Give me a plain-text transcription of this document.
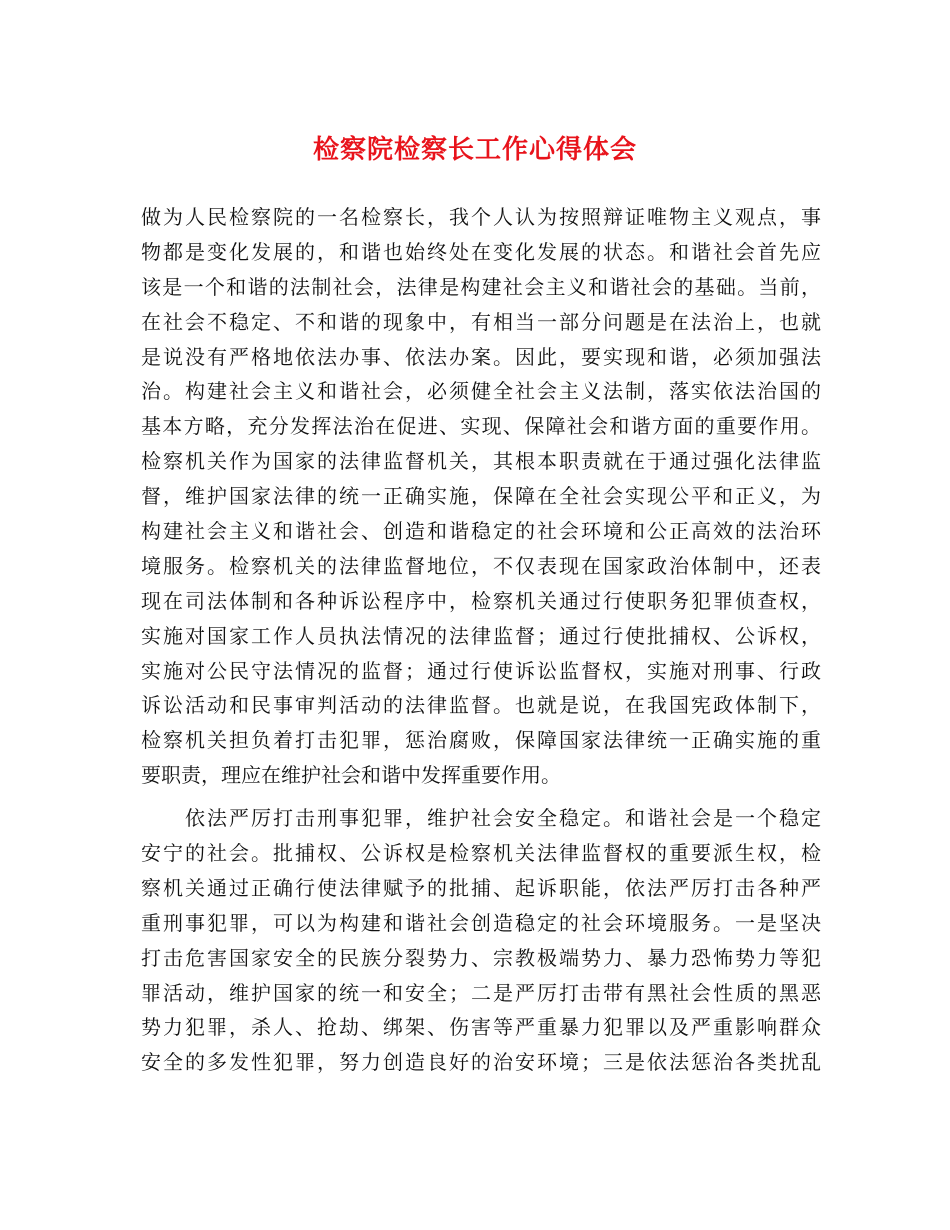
检察院检察长工作心得体会
做为人民检察院的一名检察长，我个人认为按照辩证唯物主义观点，事
物都是变化发展的，和谐也始终处在变化发展的状态。和谐社会首先应
该是一个和谐的法制社会，法律是构建社会主义和谐社会的基础。当前，
在社会不稳定、不和谐的现象中，有相当一部分问题是在法治上，也就
是说没有严格地依法办事、依法办案。因此，要实现和谐，必须加强法
治。构建社会主义和谐社会，必须健全社会主义法制，落实依法治国的
基本方略，充分发挥法治在促进、实现、保障社会和谐方面的重要作用。
检察机关作为国家的法律监督机关，其根本职责就在于通过强化法律监
督，维护国家法律的统一正确实施，保障在全社会实现公平和正义，为
构建社会主义和谐社会、创造和谐稳定的社会环境和公正高效的法治环
境服务。检察机关的法律监督地位，不仅表现在国家政治体制中，还表
现在司法体制和各种诉讼程序中，检察机关通过行使职务犯罪侦查权，
实施对国家工作人员执法情况的法律监督；通过行使批捕权、公诉权，
实施对公民守法情况的监督；通过行使诉讼监督权，实施对刑事、行政
诉讼活动和民事审判活动的法律监督。也就是说，在我国宪政体制下，
检察机关担负着打击犯罪，惩治腐败，保障国家法律统一正确实施的重
要职责，理应在维护社会和谐中发挥重要作用。
依法严厉打击刑事犯罪，维护社会安全稳定。和谐社会是一个稳定
安宁的社会。批捕权、公诉权是检察机关法律监督权的重要派生权，检
察机关通过正确行使法律赋予的批捕、起诉职能，依法严厉打击各种严
重刑事犯罪，可以为构建和谐社会创造稳定的社会环境服务。一是坚决
打击危害国家安全的民族分裂势力、宗教极端势力、暴力恐怖势力等犯
罪活动，维护国家的统一和安全；二是严厉打击带有黑社会性质的黑恶
势力犯罪，杀人、抢劫、绑架、伤害等严重暴力犯罪以及严重影响群众
安全的多发性犯罪，努力创造良好的治安环境；三是依法惩治各类扰乱
